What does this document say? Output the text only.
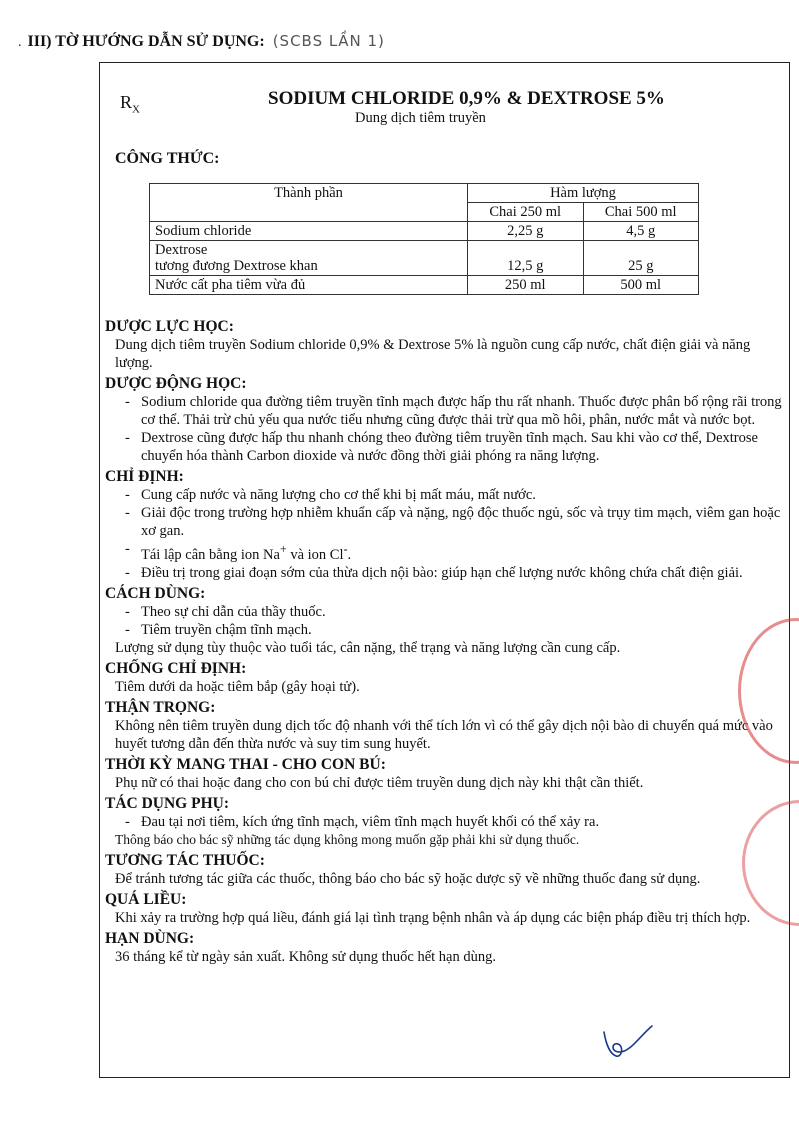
. III) TỜ HƯỚNG DẪN SỬ DỤNG: (SCBS LẦN 1)
$R_X$
SODIUM CHLORIDE 0,9% & DEXTROSE 5%
Dung dịch tiêm truyền
CÔNG THỨC:
Thành phần	Hàm lượng	
	Chai 250 ml	Chai 500 ml
Sodium chloride	2,25 g	4,5 g

Dextrose
tương đương Dextrose khan	12,5 g	25 g
Nước cất pha tiêm vừa đủ	250 ml	500 ml
DƯỢC LỰC HỌC:
Dung dịch tiêm truyền Sodium chloride 0,9% & Dextrose 5% là nguồn cung cấp nước, chất điện giải và năng lượng.
DƯỢC ĐỘNG HỌC:
- Sodium chloride qua đường tiêm truyền tĩnh mạch được hấp thu rất nhanh. Thuốc được phân bố rộng rãi trong cơ thể. Thải trừ chủ yếu qua nước tiểu nhưng cũng được thải trừ qua mồ hôi, phân, nước mắt và nước bọt.
- Dextrose cũng được hấp thu nhanh chóng theo đường tiêm truyền tĩnh mạch. Sau khi vào cơ thể, Dextrose chuyển hóa thành Carbon dioxide và nước đồng thời giải phóng ra năng lượng.
CHỈ ĐỊNH:
- Cung cấp nước và năng lượng cho cơ thể khi bị mất máu, mất nước.
- Giải độc trong trường hợp nhiễm khuẩn cấp và nặng, ngộ độc thuốc ngủ, sốc và trụy tim mạch, viêm gan hoặc xơ gan.
- Tái lập cân bằng ion Na+ và ion Cl-.
- Điều trị trong giai đoạn sớm của thừa dịch nội bào: giúp hạn chế lượng nước không chứa chất điện giải.
CÁCH DÙNG:
- Theo sự chỉ dẫn của thầy thuốc.
- Tiêm truyền chậm tĩnh mạch.
Lượng sử dụng tùy thuộc vào tuổi tác, cân nặng, thể trạng và năng lượng cần cung cấp.
CHỐNG CHỈ ĐỊNH:
Tiêm dưới da hoặc tiêm bắp (gây hoại tử).
THẬN TRỌNG:
Không nên tiêm truyền dung dịch tốc độ nhanh với thể tích lớn vì có thể gây dịch nội bào di chuyển quá mức vào huyết tương dẫn đến thừa nước và suy tim sung huyết.
THỜI KỲ MANG THAI - CHO CON BÚ:
Phụ nữ có thai hoặc đang cho con bú chỉ được tiêm truyền dung dịch này khi thật cần thiết.
TÁC DỤNG PHỤ:
- Đau tại nơi tiêm, kích ứng tĩnh mạch, viêm tĩnh mạch huyết khối có thể xảy ra.
Thông báo cho bác sỹ những tác dụng không mong muốn gặp phải khi sử dụng thuốc.
TƯƠNG TÁC THUỐC:
Để tránh tương tác giữa các thuốc, thông báo cho bác sỹ hoặc dược sỹ về những thuốc đang sử dụng.
QUÁ LIỀU:
Khi xảy ra trường hợp quá liều, đánh giá lại tình trạng bệnh nhân và áp dụng các biện pháp điều trị thích hợp.
HẠN DÙNG:
36 tháng kể từ ngày sản xuất. Không sử dụng thuốc hết hạn dùng.
